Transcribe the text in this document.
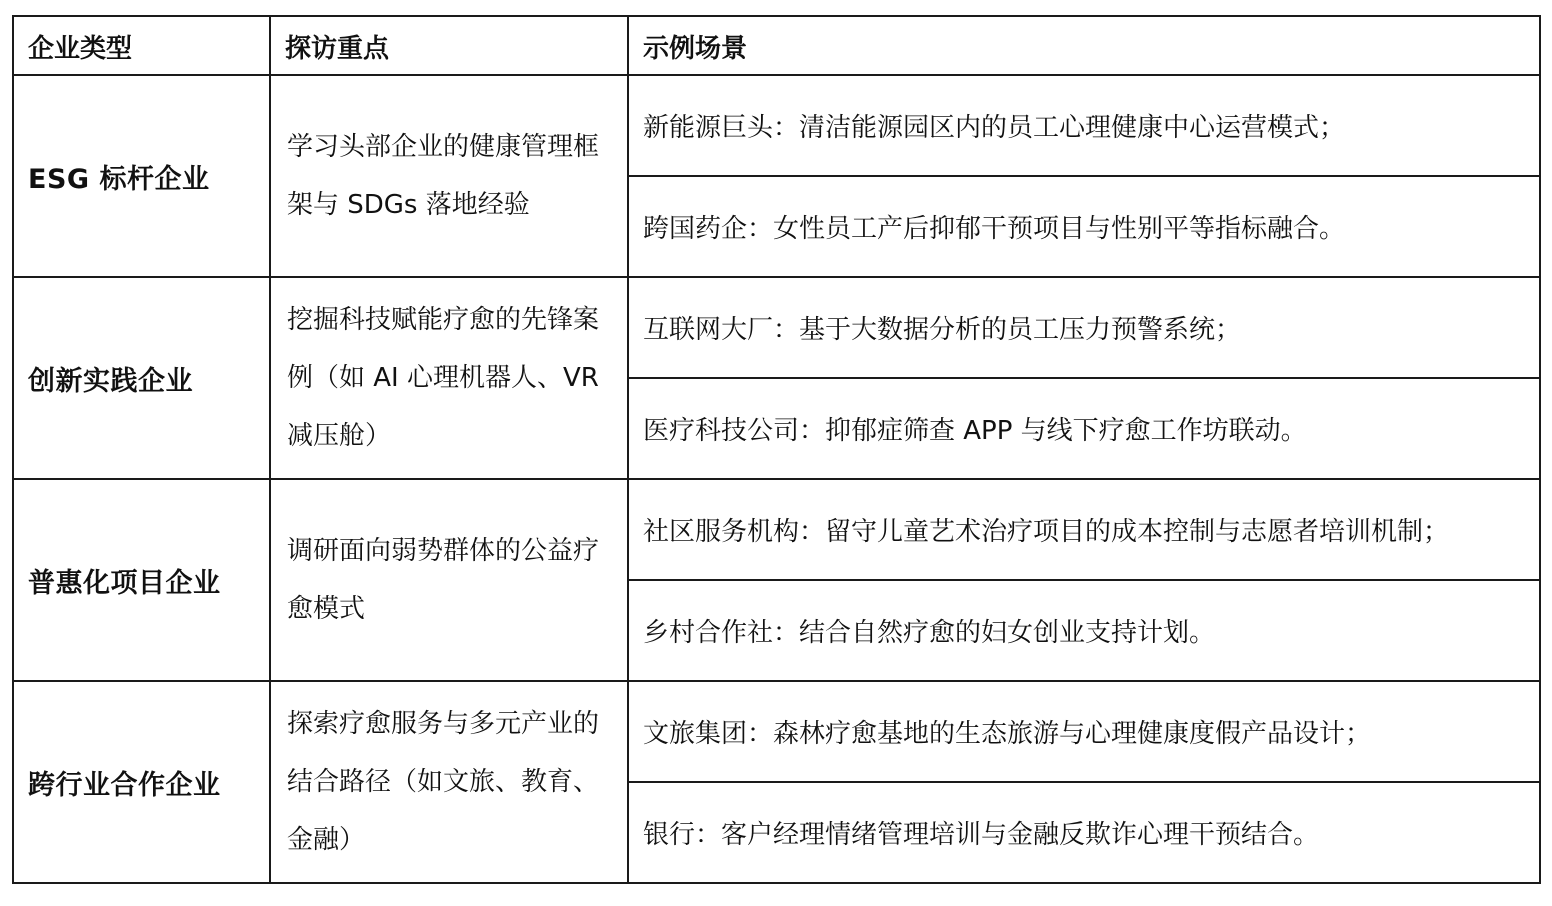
企业类型	探访重点	示例场景
ESG 标杆企业	学习头部企业的健康管理框架与 SDGs 落地经验	新能源巨头：清洁能源园区内的员工心理健康中心运营模式；
		跨国药企：女性员工产后抑郁干预项目与性别平等指标融合。
创新实践企业	挖掘科技赋能疗愈的先锋案例（如 AI 心理机器人、VR 减压舱）	互联网大厂：基于大数据分析的员工压力预警系统；
		医疗科技公司：抑郁症筛查 APP 与线下疗愈工作坊联动。
普惠化项目企业	调研面向弱势群体的公益疗愈模式	社区服务机构：留守儿童艺术治疗项目的成本控制与志愿者培训机制；
		乡村合作社：结合自然疗愈的妇女创业支持计划。
跨行业合作企业	探索疗愈服务与多元产业的结合路径（如文旅、教育、金融）	文旅集团：森林疗愈基地的生态旅游与心理健康度假产品设计；
		银行：客户经理情绪管理培训与金融反欺诈心理干预结合。
